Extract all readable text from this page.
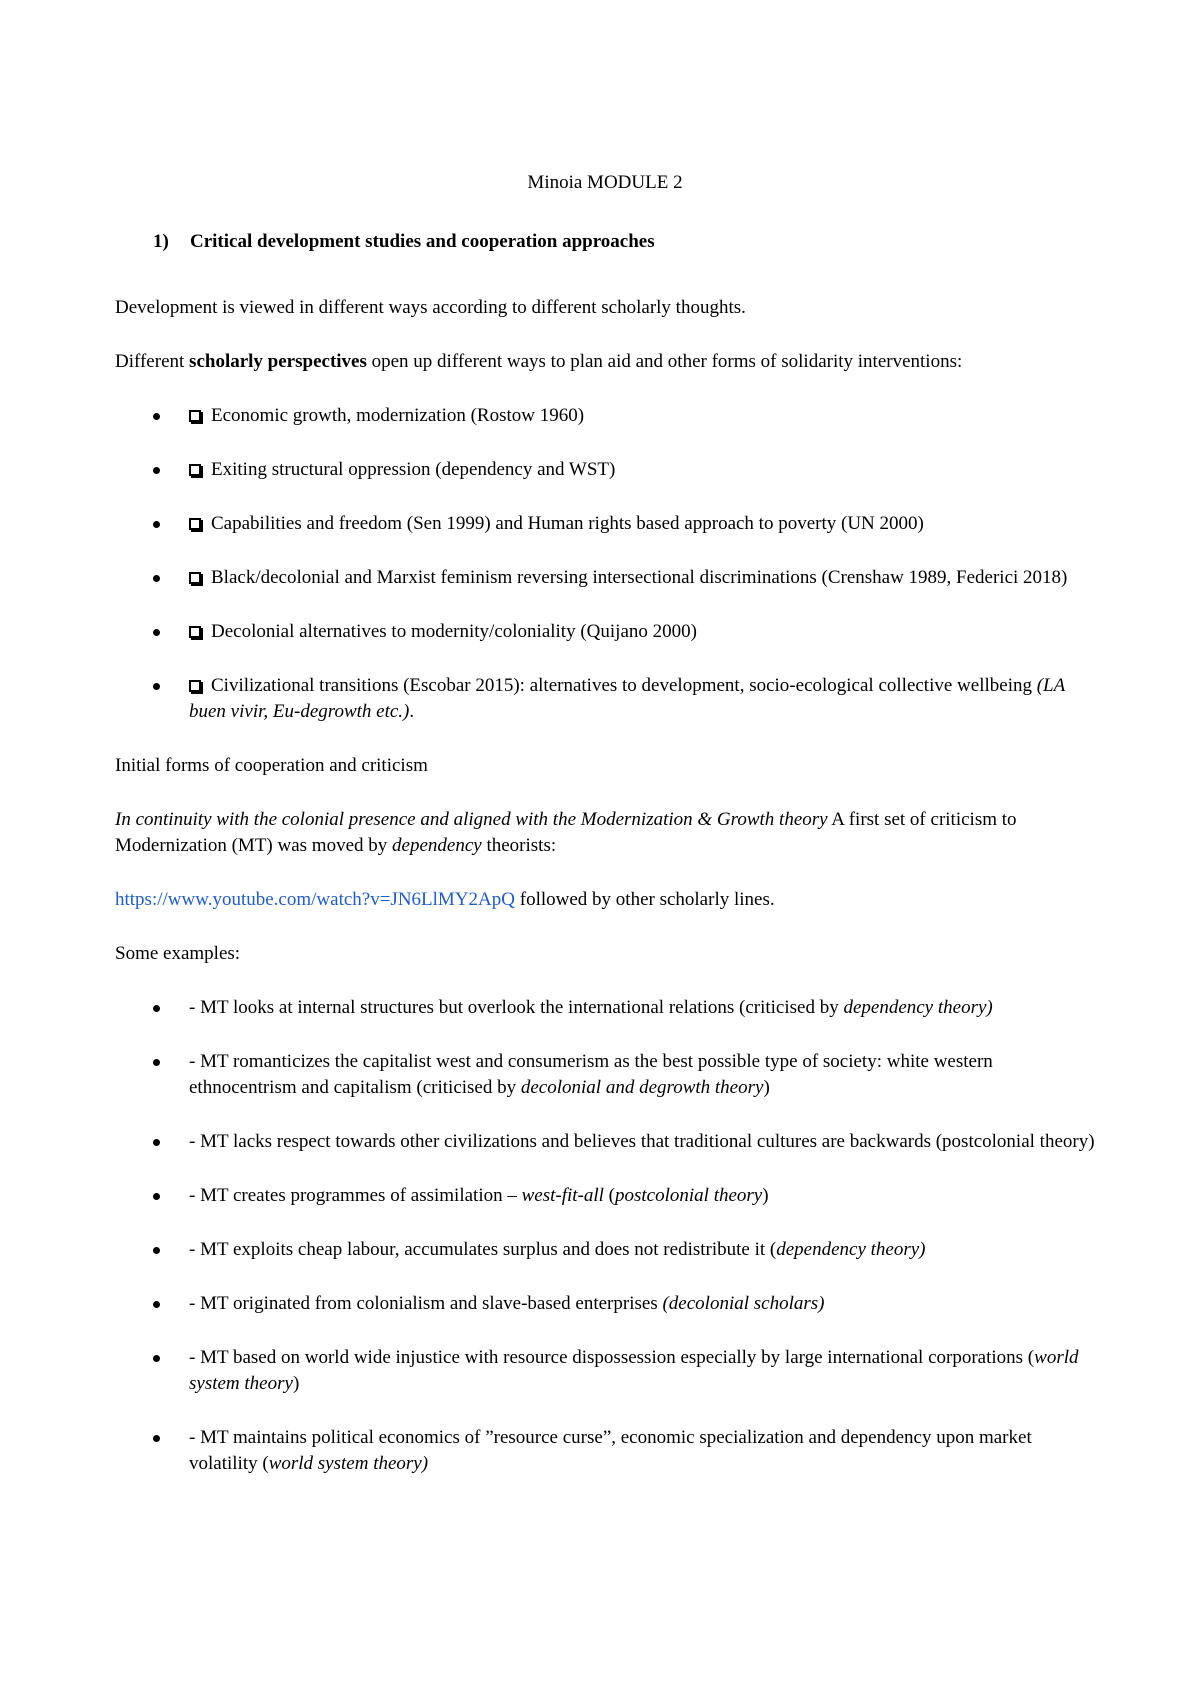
Minoia MODULE 2
1)	Critical development studies and cooperation approaches

Development is viewed in different ways according to different scholarly thoughts.

Different scholarly perspectives open up different ways to plan aid and other forms of solidarity interventions:

Economic growth, modernization (Rostow 1960)
Exiting structural oppression (dependency and WST)
Capabilities and freedom (Sen 1999) and Human rights based approach to poverty (UN 2000)
Black/decolonial and Marxist feminism reversing intersectional discriminations (Crenshaw 1989, Federici 2018)
Decolonial alternatives to modernity/coloniality (Quijano 2000)
Civilizational transitions (Escobar 2015): alternatives to development, socio-ecological collective wellbeing (LA buen vivir, Eu-degrowth etc.).

Initial forms of cooperation and criticism

In continuity with the colonial presence and aligned with the Modernization & Growth theory A first set of criticism to Modernization (MT) was moved by dependency theorists:

https://www.youtube.com/watch?v=JN6LlMY2ApQ followed by other scholarly lines.

Some examples:

- MT looks at internal structures but overlook the international relations (criticised by dependency theory)
- MT romanticizes the capitalist west and consumerism as the best possible type of society: white western ethnocentrism and capitalism (criticised by decolonial and degrowth theory)
- MT lacks respect towards other civilizations and believes that traditional cultures are backwards (postcolonial theory)
- MT creates programmes of assimilation – west-fit-all (postcolonial theory)
- MT exploits cheap labour, accumulates surplus and does not redistribute it (dependency theory)
- MT originated from colonialism and slave-based enterprises (decolonial scholars)
- MT based on world wide injustice with resource dispossession especially by large international corporations (world system theory)
- MT maintains political economics of ”resource curse”, economic specialization and dependency upon market volatility (world system theory)
